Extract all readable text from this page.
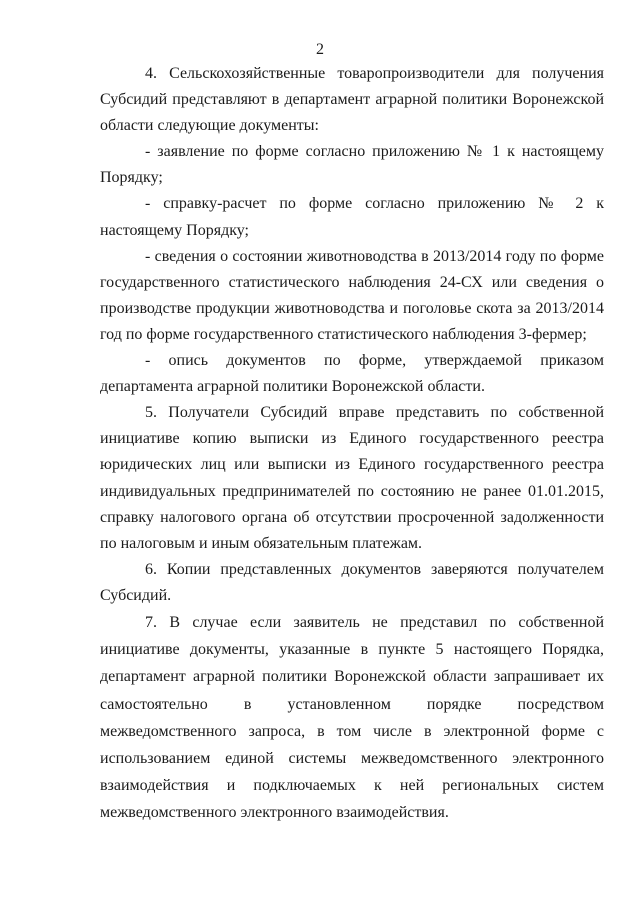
2

4. Сельскохозяйственные товаропроизводители для получения Субсидий представляют в департамент аграрной политики Воронежской области следующие документы:

- заявление по форме согласно приложению № 1 к настоящему Порядку;

- справку-расчет по форме согласно приложению № 2 к настоящему Порядку;

- сведения о состоянии животноводства в 2013/2014 году по форме государственного статистического наблюдения 24-СХ или сведения о производстве продукции животноводства и поголовье скота за 2013/2014 год по форме государственного статистического наблюдения 3-фермер;

- опись документов по форме, утверждаемой приказом департамента аграрной политики Воронежской области.

5. Получатели Субсидий вправе представить по собственной инициативе копию выписки из Единого государственного реестра юридических лиц или выписки из Единого государственного реестра индивидуальных предпринимателей по состоянию не ранее 01.01.2015, справку налогового органа об отсутствии просроченной задолженности по налоговым и иным обязательным платежам.

6. Копии представленных документов заверяются получателем Субсидий.

7. В случае если заявитель не представил по собственной инициативе документы, указанные в пункте 5 настоящего Порядка, департамент аграрной политики Воронежской области запрашивает их самостоятельно в установленном порядке посредством межведомственного запроса, в том числе в электронной форме с использованием единой системы межведомственного электронного взаимодействия и подключаемых к ней региональных систем межведомственного электронного взаимодействия.
